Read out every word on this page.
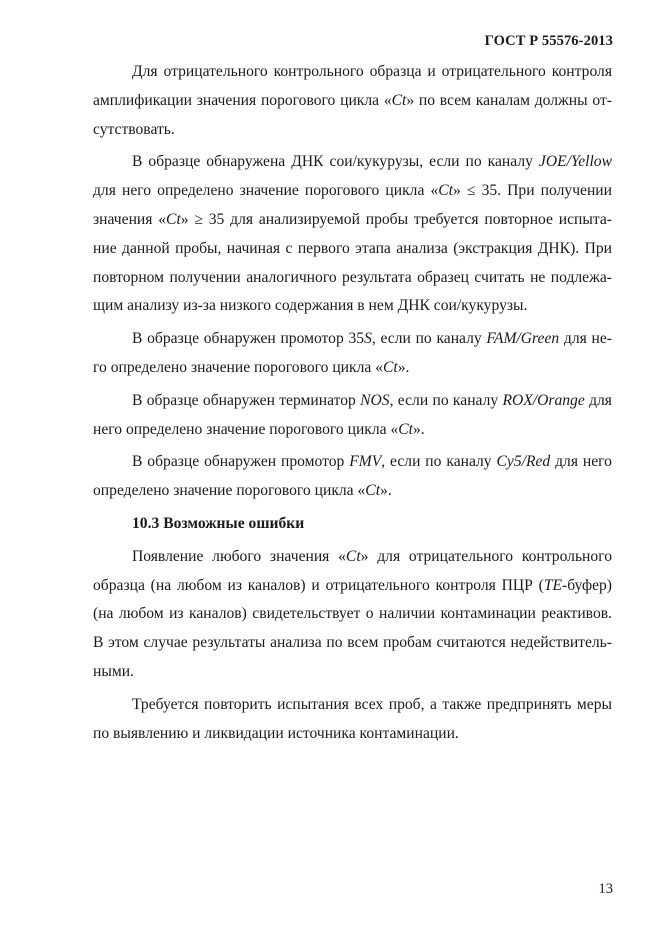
ГОСТ Р 55576-2013

Для отрицательного контрольного образца и отрицательного контроля амплификации значения порогового цикла «Ct» по всем каналам должны отсутствовать.

В образце обнаружена ДНК сои/кукурузы, если по каналу JOE/Yellow для него определено значение порогового цикла «Ct» ≤ 35. При получении значения «Ct» ≥ 35 для анализируемой пробы требуется повторное испытание данной пробы, начиная с первого этапа анализа (экстракция ДНК). При повторном получении аналогичного результата образец считать не подлежащим анализу из-за низкого содержания в нем ДНК сои/кукурузы.

В образце обнаружен промотор 35S, если по каналу FAM/Green для него определено значение порогового цикла «Ct».

В образце обнаружен терминатор NOS, если по каналу ROX/Orange для него определено значение порогового цикла «Ct».

В образце обнаружен промотор FMV, если по каналу Cy5/Red для него определено значение порогового цикла «Ct».

10.3 Возможные ошибки

Появление любого значения «Ct» для отрицательного контрольного образца (на любом из каналов) и отрицательного контроля ПЦР (ТЕ-буфер) (на любом из каналов) свидетельствует о наличии контаминации реактивов. В этом случае результаты анализа по всем пробам считаются недействительными.

Требуется повторить испытания всех проб, а также предпринять меры по выявлению и ликвидации источника контаминации.

13
